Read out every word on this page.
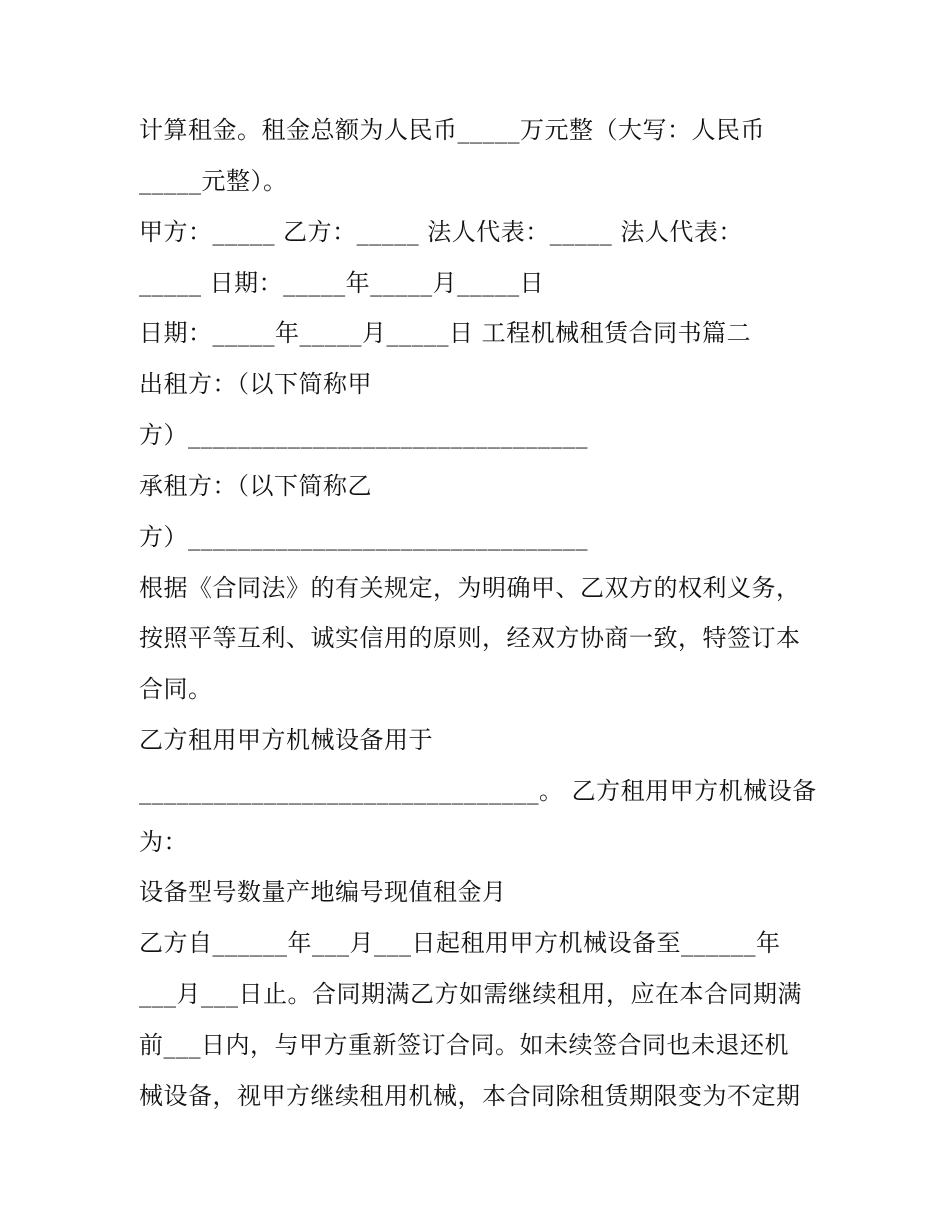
计算租金。租金总额为人民币_____万元整（大写：人民币
_____元整）。
甲方：_____ 乙方：_____ 法人代表：_____ 法人代表：
_____ 日期：_____年_____月_____日
日期：_____年_____月_____日 工程机械租赁合同书篇二
出租方：（以下简称甲
方）________________________________
承租方：（以下简称乙
方）________________________________
根据《合同法》的有关规定，为明确甲、乙双方的权利义务，
按照平等互利、诚实信用的原则，经双方协商一致，特签订本
合同。
乙方租用甲方机械设备用于
________________________________。 乙方租用甲方机械设备
为：
设备型号数量产地编号现值租金月
乙方自______年___月___日起租用甲方机械设备至______年
___月___日止。合同期满乙方如需继续租用，应在本合同期满
前___日内，与甲方重新签订合同。如未续签合同也未退还机
械设备，视甲方继续租用机械，本合同除租赁期限变为不定期
